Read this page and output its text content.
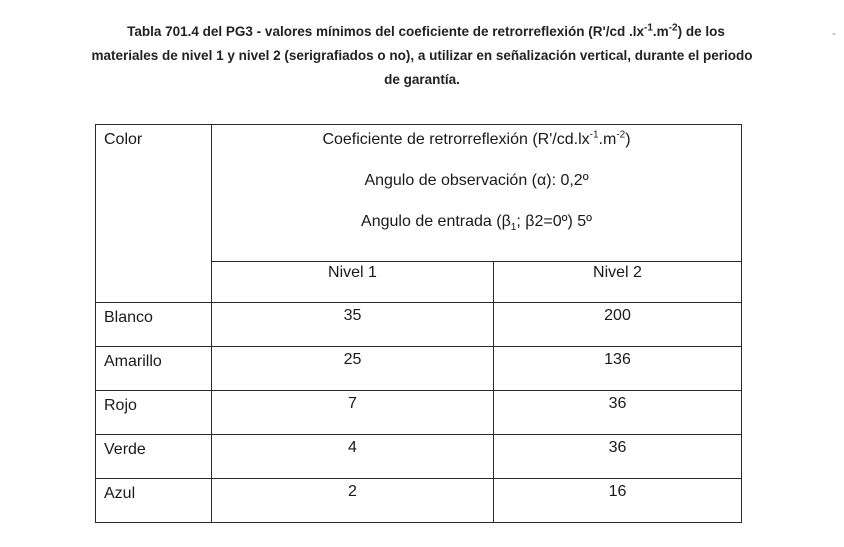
Tabla 701.4 del PG3 - valores mínimos del coeficiente de retrorreflexión (R'/cd $.lx^{-1}.m^{-2}$) de los
materiales de nivel 1 y nivel 2 (serigrafiados o no), a utilizar en señalización vertical, durante el periodo
de garantía.
-
Color	Coeficiente de retrorreflexión $(R'/cd.lx^{-1}.m^{-2})$
Angulo de observación (α): 0,2º
Angulo de entrada ($\beta_1$; β2=0º) 5º	

	Nivel 1	Nivel 2
Blanco	35	200
Amarillo	25	136
Rojo	7	36
Verde	4	36
Azul	2	16
